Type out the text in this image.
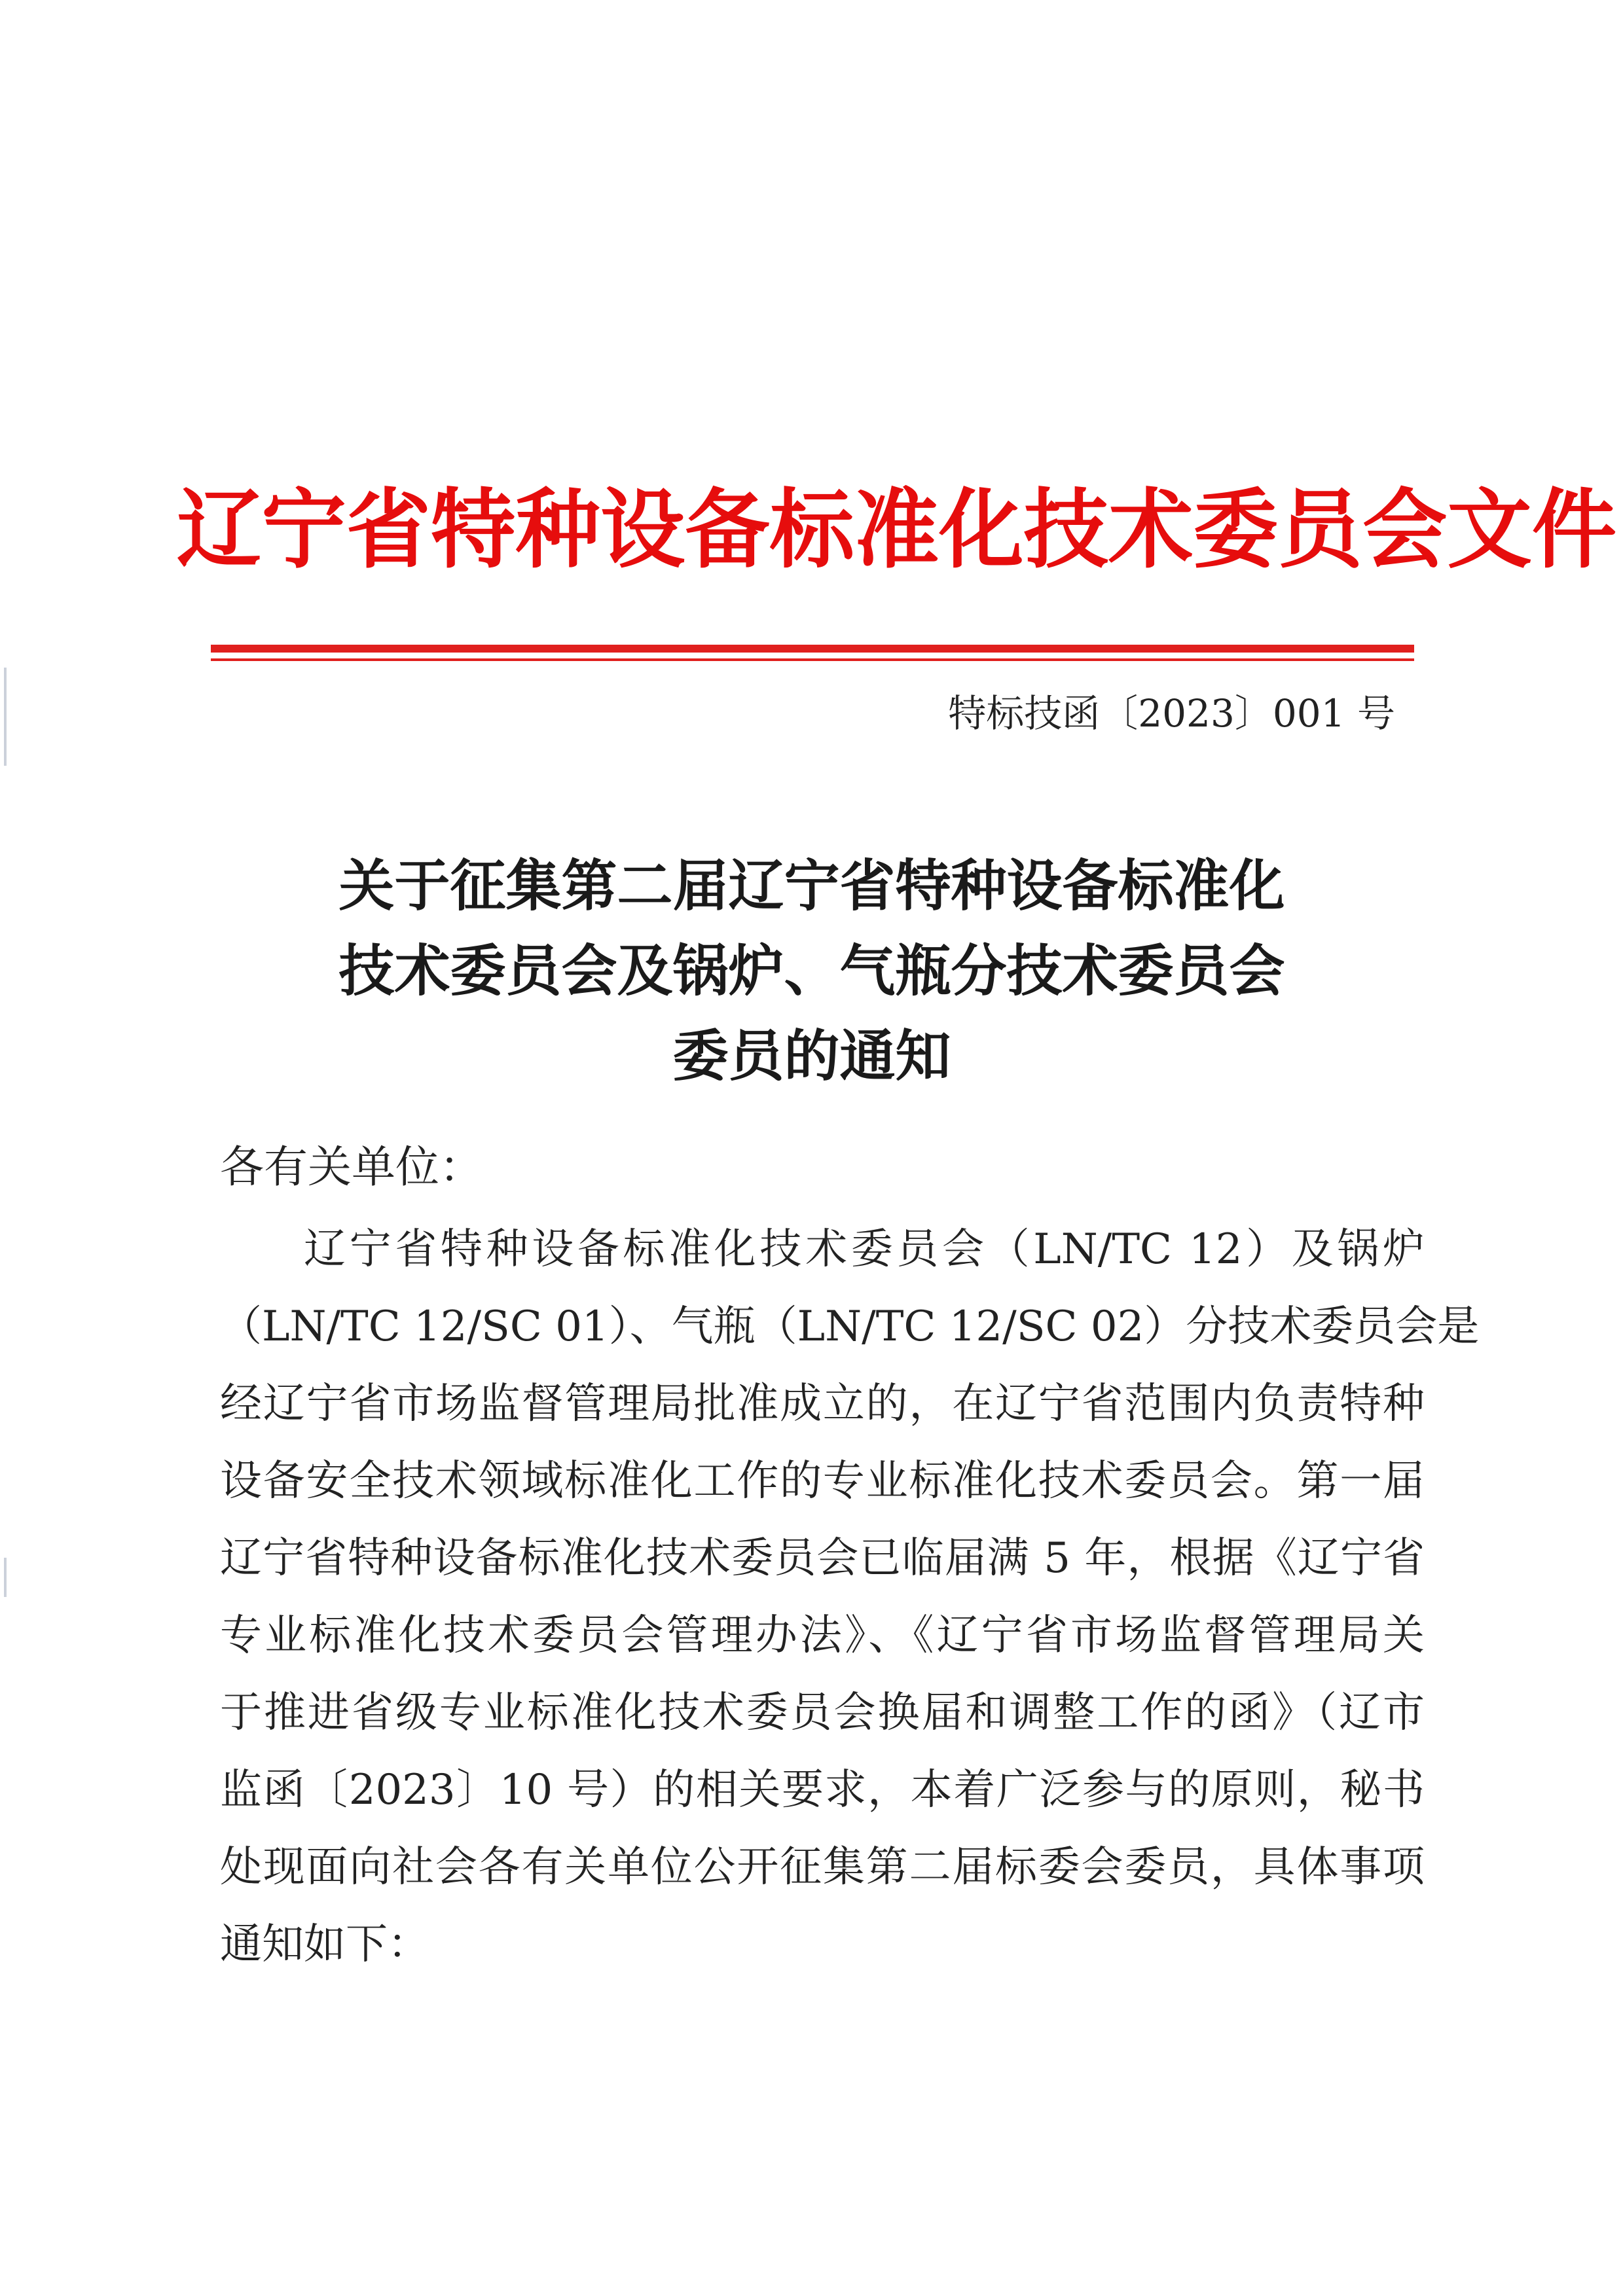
辽宁省特种设备标准化技术委员会文件
特标技函〔2023〕001 号
关于征集第二届辽宁省特种设备标准化
技术委员会及锅炉、气瓶分技术委员会
委员的通知
各有关单位：
辽宁省特种设备标准化技术委员会（LN/TC 12）及锅炉
（LN/TC 12/SC 01）、气瓶（LN/TC 12/SC 02）分技术委员会是
经辽宁省市场监督管理局批准成立的，在辽宁省范围内负责特种
设备安全技术领域标准化工作的专业标准化技术委员会。第一届
辽宁省特种设备标准化技术委员会已临届满 5 年，根据《辽宁省
专业标准化技术委员会管理办法》、《辽宁省市场监督管理局关
于推进省级专业标准化技术委员会换届和调整工作的函》（辽市
监函〔2023〕10 号）的相关要求，本着广泛参与的原则，秘书
处现面向社会各有关单位公开征集第二届标委会委员，具体事项
通知如下：
